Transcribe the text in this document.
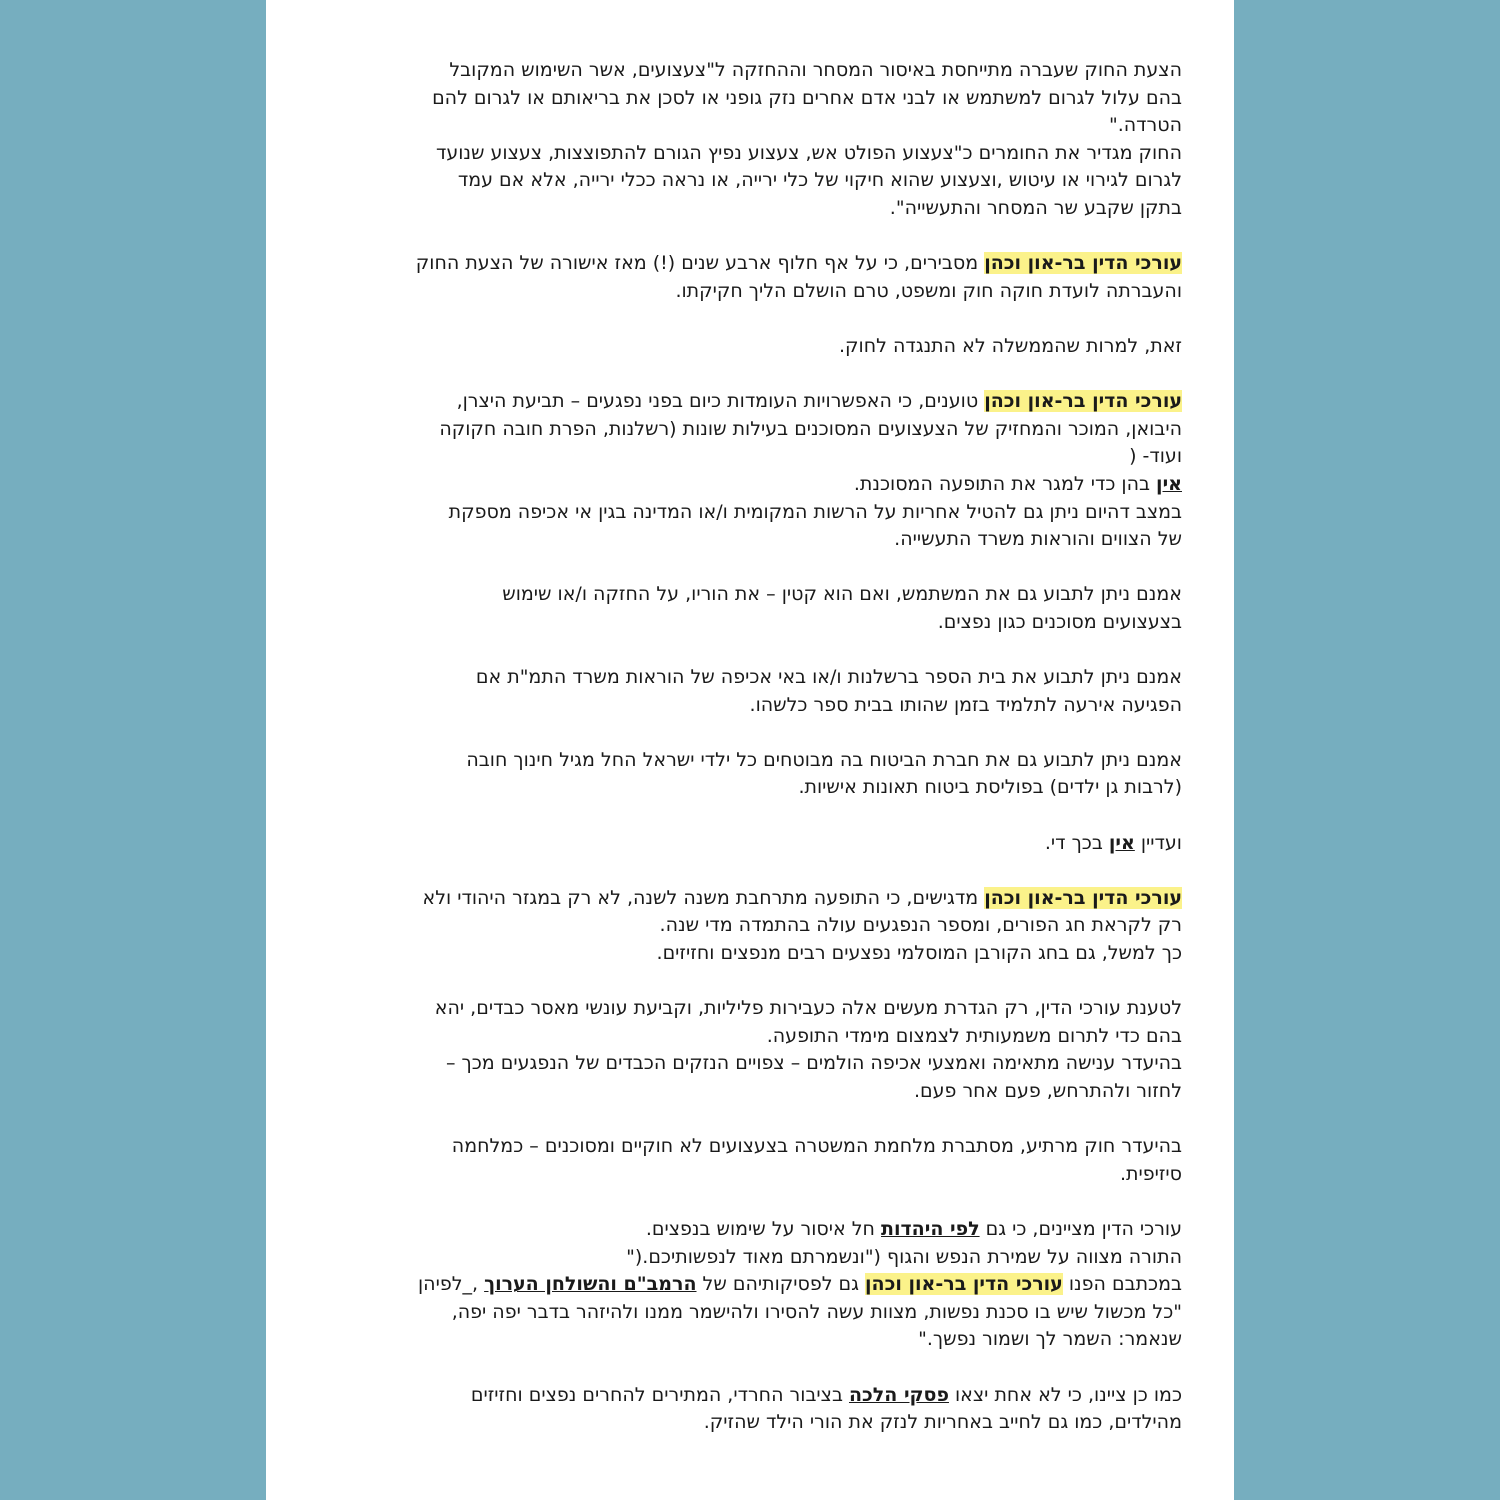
הצעת החוק שעברה מתייחסת באיסור המסחר וההחזקה ל"צעצועים, אשר השימוש המקובל
בהם עלול לגרום למשתמש או לבני אדם אחרים נזק גופני או לסכן את בריאותם או לגרום להם
הטרדה."
החוק מגדיר את החומרים כ"צעצוע הפולט אש, צעצוע נפיץ הגורם להתפוצצות, צעצוע שנועד
לגרום לגירוי או עיטוש ,וצעצוע שהוא חיקוי של כלי ירייה, או נראה ככלי ירייה, אלא אם עמד
בתקן שקבע שר המסחר והתעשייה".
עורכי הדין בר-און וכהן מסבירים, כי על אף חלוף ארבע שנים (!) מאז אישורה של הצעת החוק
והעברתה לועדת חוקה חוק ומשפט, טרם הושלם הליך חקיקתו.
זאת, למרות שהממשלה לא התנגדה לחוק.
עורכי הדין בר-און וכהן טוענים, כי האפשרויות העומדות כיום בפני נפגעים – תביעת היצרן,
היבואן, המוכר והמחזיק של הצעצועים המסוכנים בעילות שונות (רשלנות, הפרת חובה חקוקה
ועוד- (
אין בהן כדי למגר את התופעה המסוכנת.
במצב דהיום ניתן גם להטיל אחריות על הרשות המקומית ו/או המדינה בגין אי אכיפה מספקת
של הצווים והוראות משרד התעשייה.
אמנם ניתן לתבוע גם את המשתמש, ואם הוא קטין – את הוריו, על החזקה ו/או שימוש
בצעצועים מסוכנים כגון נפצים.
אמנם ניתן לתבוע את בית הספר ברשלנות ו/או באי אכיפה של הוראות משרד התמ"ת אם
הפגיעה אירעה לתלמיד בזמן שהותו בבית ספר כלשהו.
אמנם ניתן לתבוע גם את חברת הביטוח בה מבוטחים כל ילדי ישראל החל מגיל חינוך חובה
(לרבות גן ילדים) בפוליסת ביטוח תאונות אישיות.
ועדיין אין בכך די.
עורכי הדין בר-און וכהן מדגישים, כי התופעה מתרחבת משנה לשנה, לא רק במגזר היהודי ולא
רק לקראת חג הפורים, ומספר הנפגעים עולה בהתמדה מדי שנה.
כך למשל, גם בחג הקורבן המוסלמי נפצעים רבים מנפצים וחזיזים.
לטענת עורכי הדין, רק הגדרת מעשים אלה כעבירות פליליות, וקביעת עונשי מאסר כבדים, יהא
בהם כדי לתרום משמעותית לצמצום מימדי התופעה.
בהיעדר ענישה מתאימה ואמצעי אכיפה הולמים – צפויים הנזקים הכבדים של הנפגעים מכך –
לחזור ולהתרחש, פעם אחר פעם.
בהיעדר חוק מרתיע, מסתברת מלחמת המשטרה בצעצועים לא חוקיים ומסוכנים – כמלחמה
סיזיפית.
עורכי הדין מציינים, כי גם לפי היהדות חל איסור על שימוש בנפצים.
התורה מצווה על שמירת הנפש והגוף ("ונשמרתם מאוד לנפשותיכם.("
במכתבם הפנו עורכי הדין בר-און וכהן גם לפסיקותיהם של הרמב"ם והשולחן הערוך ,_לפיהן
"כל מכשול שיש בו סכנת נפשות, מצוות עשה להסירו ולהישמר ממנו ולהיזהר בדבר יפה יפה,
שנאמר: השמר לך ושמור נפשך."
כמו כן ציינו, כי לא אחת יצאו פסקי הלכה בציבור החרדי, המתירים להחרים נפצים וחזיזים
מהילדים, כמו גם לחייב באחריות לנזק את הורי הילד שהזיק.
